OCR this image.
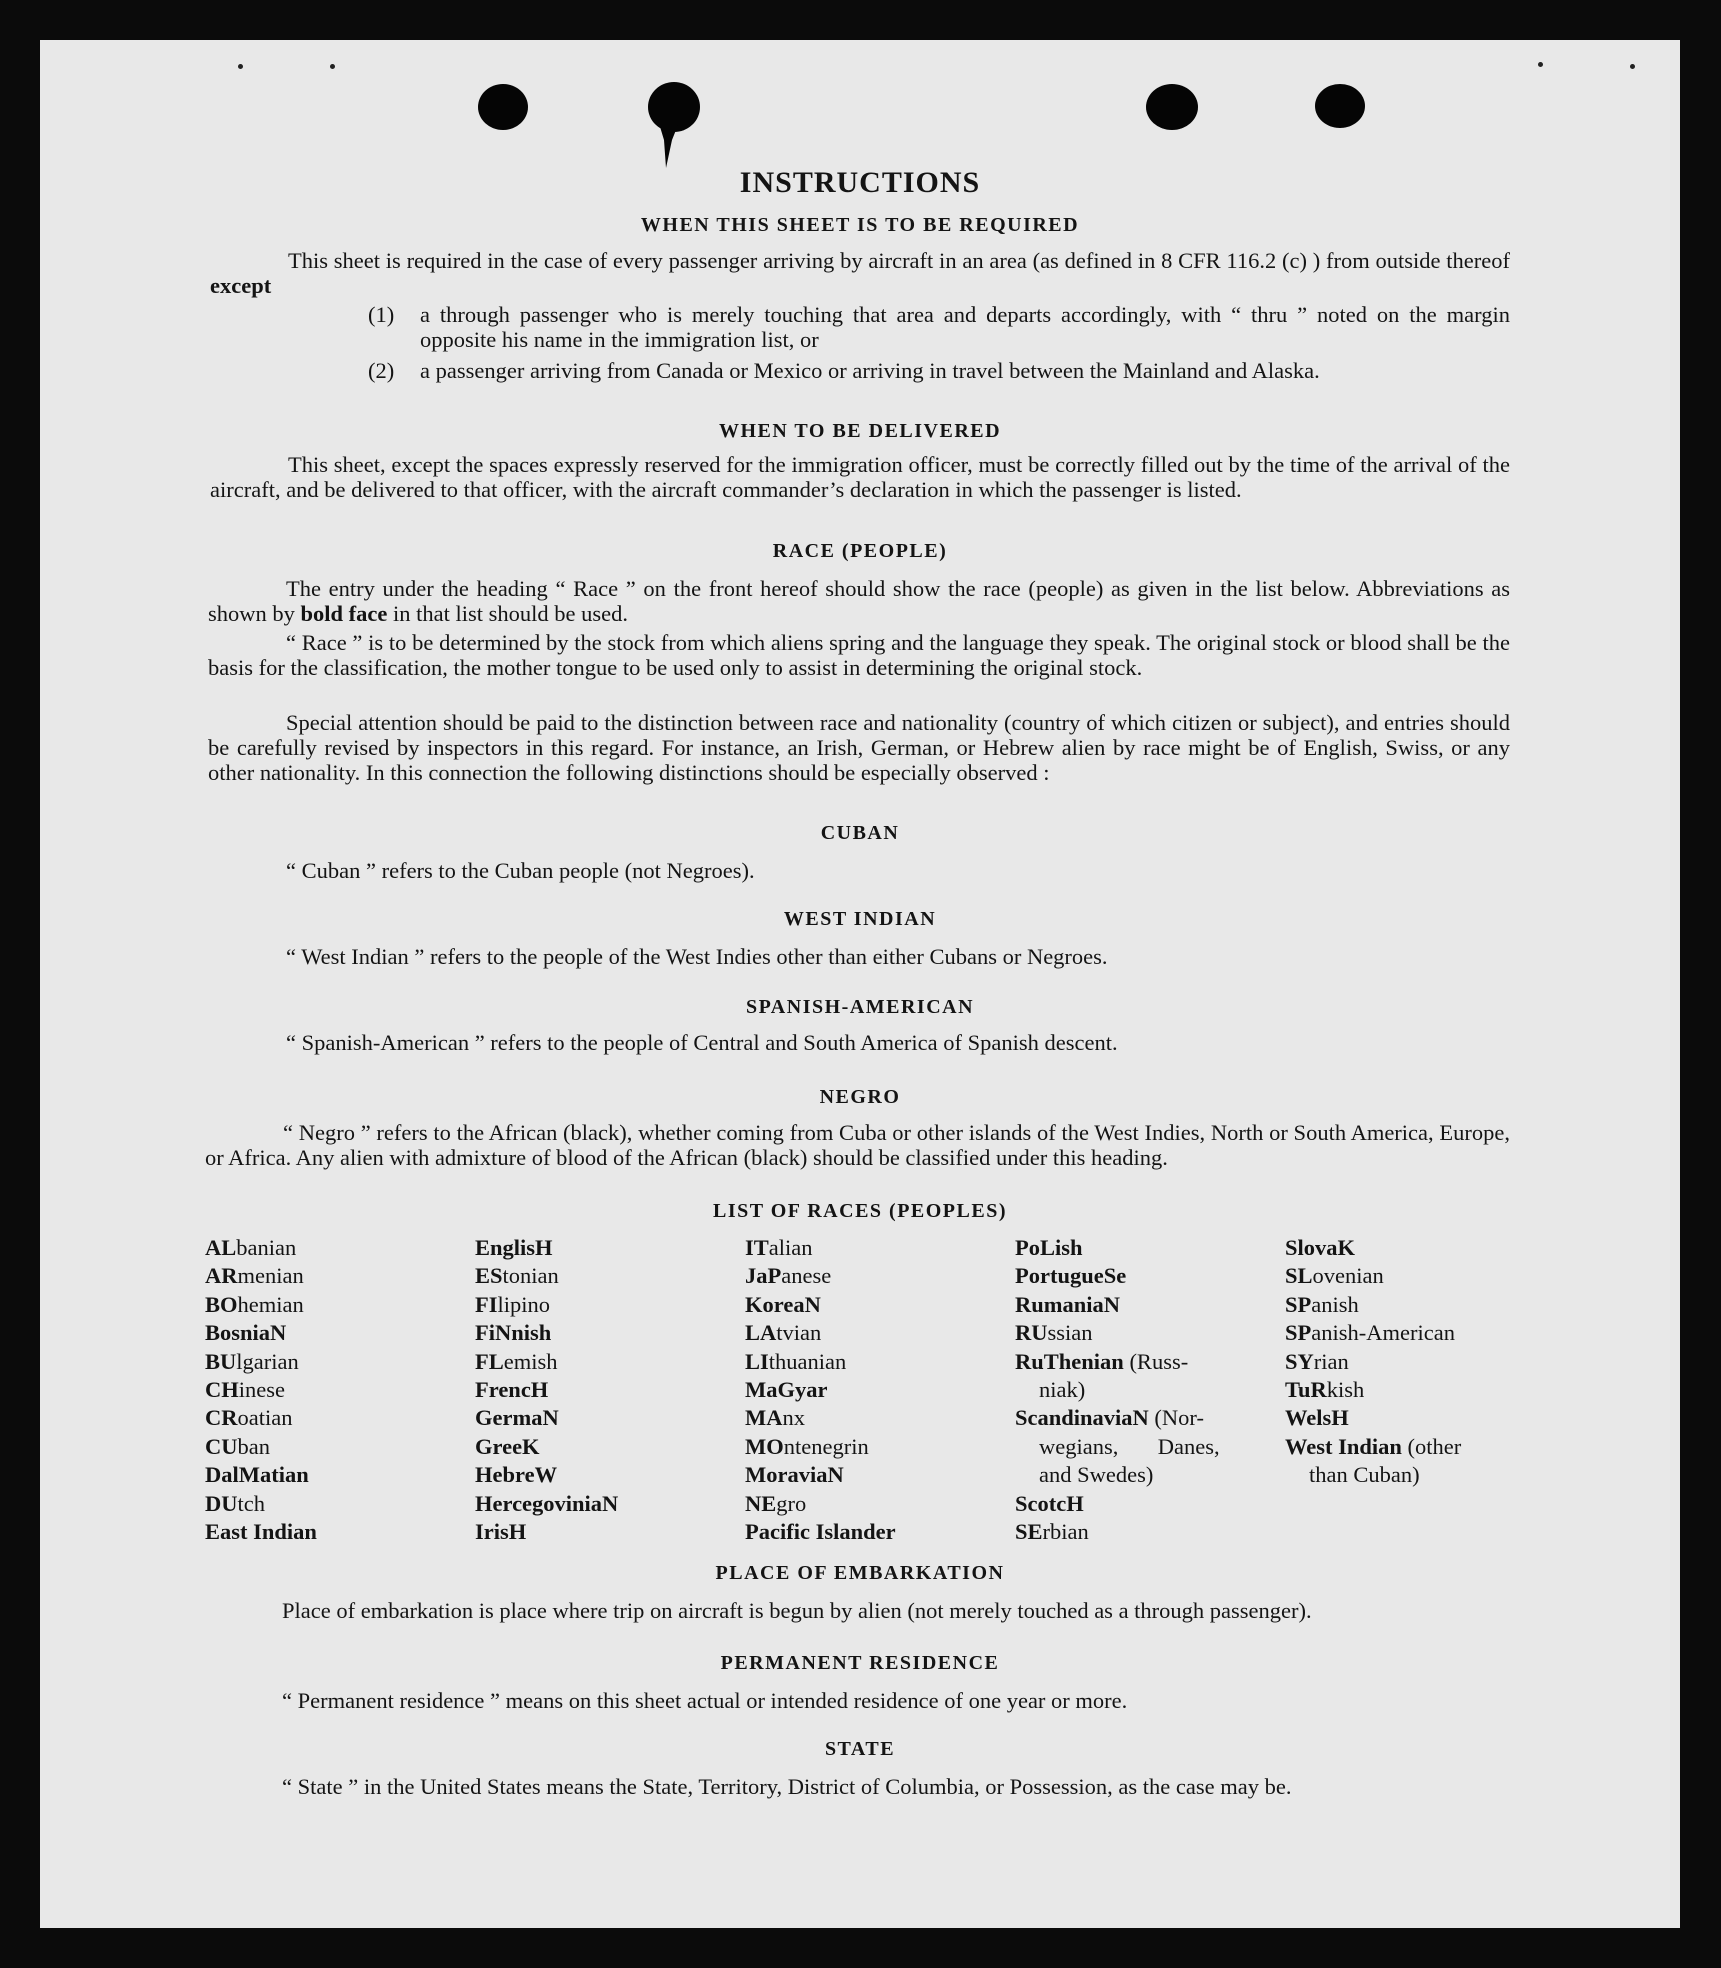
INSTRUCTIONS
WHEN THIS SHEET IS TO BE REQUIRED
This sheet is required in the case of every passenger arriving by aircraft in an area (as defined in 8 CFR 116.2 (c) ) from outside thereof except
(1)	a through passenger who is merely touching that area and departs accordingly, with “ thru ” noted on the margin opposite his name in the immigration list, or
(2)	a passenger arriving from Canada or Mexico or arriving in travel between the Mainland and Alaska.
WHEN TO BE DELIVERED
This sheet, except the spaces expressly reserved for the immigration officer, must be correctly filled out by the time of the arrival of the aircraft, and be delivered to that officer, with the aircraft commander’s declaration in which the passenger is listed.
RACE (PEOPLE)
The entry under the heading “ Race ” on the front hereof should show the race (people) as given in the list below. Abbreviations as shown by bold face in that list should be used.
“ Race ” is to be determined by the stock from which aliens spring and the language they speak. The original stock or blood shall be the basis for the classification, the mother tongue to be used only to assist in determining the original stock.
Special attention should be paid to the distinction between race and nationality (country of which citizen or subject), and entries should be carefully revised by inspectors in this regard. For instance, an Irish, German, or Hebrew alien by race might be of English, Swiss, or any other nationality. In this connection the following distinctions should be especially observed :
CUBAN
“ Cuban ” refers to the Cuban people (not Negroes).
WEST INDIAN
“ West Indian ” refers to the people of the West Indies other than either Cubans or Negroes.
SPANISH-AMERICAN
“ Spanish-American ” refers to the people of Central and South America of Spanish descent.
NEGRO
“ Negro ” refers to the African (black), whether coming from Cuba or other islands of the West Indies, North or South America, Europe, or Africa. Any alien with admixture of blood of the African (black) should be classified under this heading.
LIST OF RACES (PEOPLES)
PLACE OF EMBARKATION
Place of embarkation is place where trip on aircraft is begun by alien (not merely touched as a through passenger).
PERMANENT RESIDENCE
“ Permanent residence ” means on this sheet actual or intended residence of one year or more.
STATE
“ State ” in the United States means the State, Territory, District of Columbia, or Possession, as the case may be.
ALbanian
ARmenian
BOhemian
BosniaN
BUlgarian
CHinese
CRoatian
CUban
DalMatian
DUtch
East Indian
EnglisH
EStonian
FIlipino
FiNnish
FLemish
FrencH
GermaN
GreeK
HebreW
HercegoviniaN
IrisH
ITalian
JaPanese
KoreaN
LAtvian
LIthuanian
MaGyar
MAnx
MOntenegrin
MoraviaN
NEgro
Pacific Islander
PoLish
PortugueSe
RumaniaN
RUssian
RuThenian (Russ-
niak)
ScandinaviaN (Nor-
wegians,       Danes,
and Swedes)
ScotcH
SErbian
SlovaK
SLovenian
SPanish
SPanish-American
SYrian
TuRkish
WelsH
West Indian (other
than Cuban)
